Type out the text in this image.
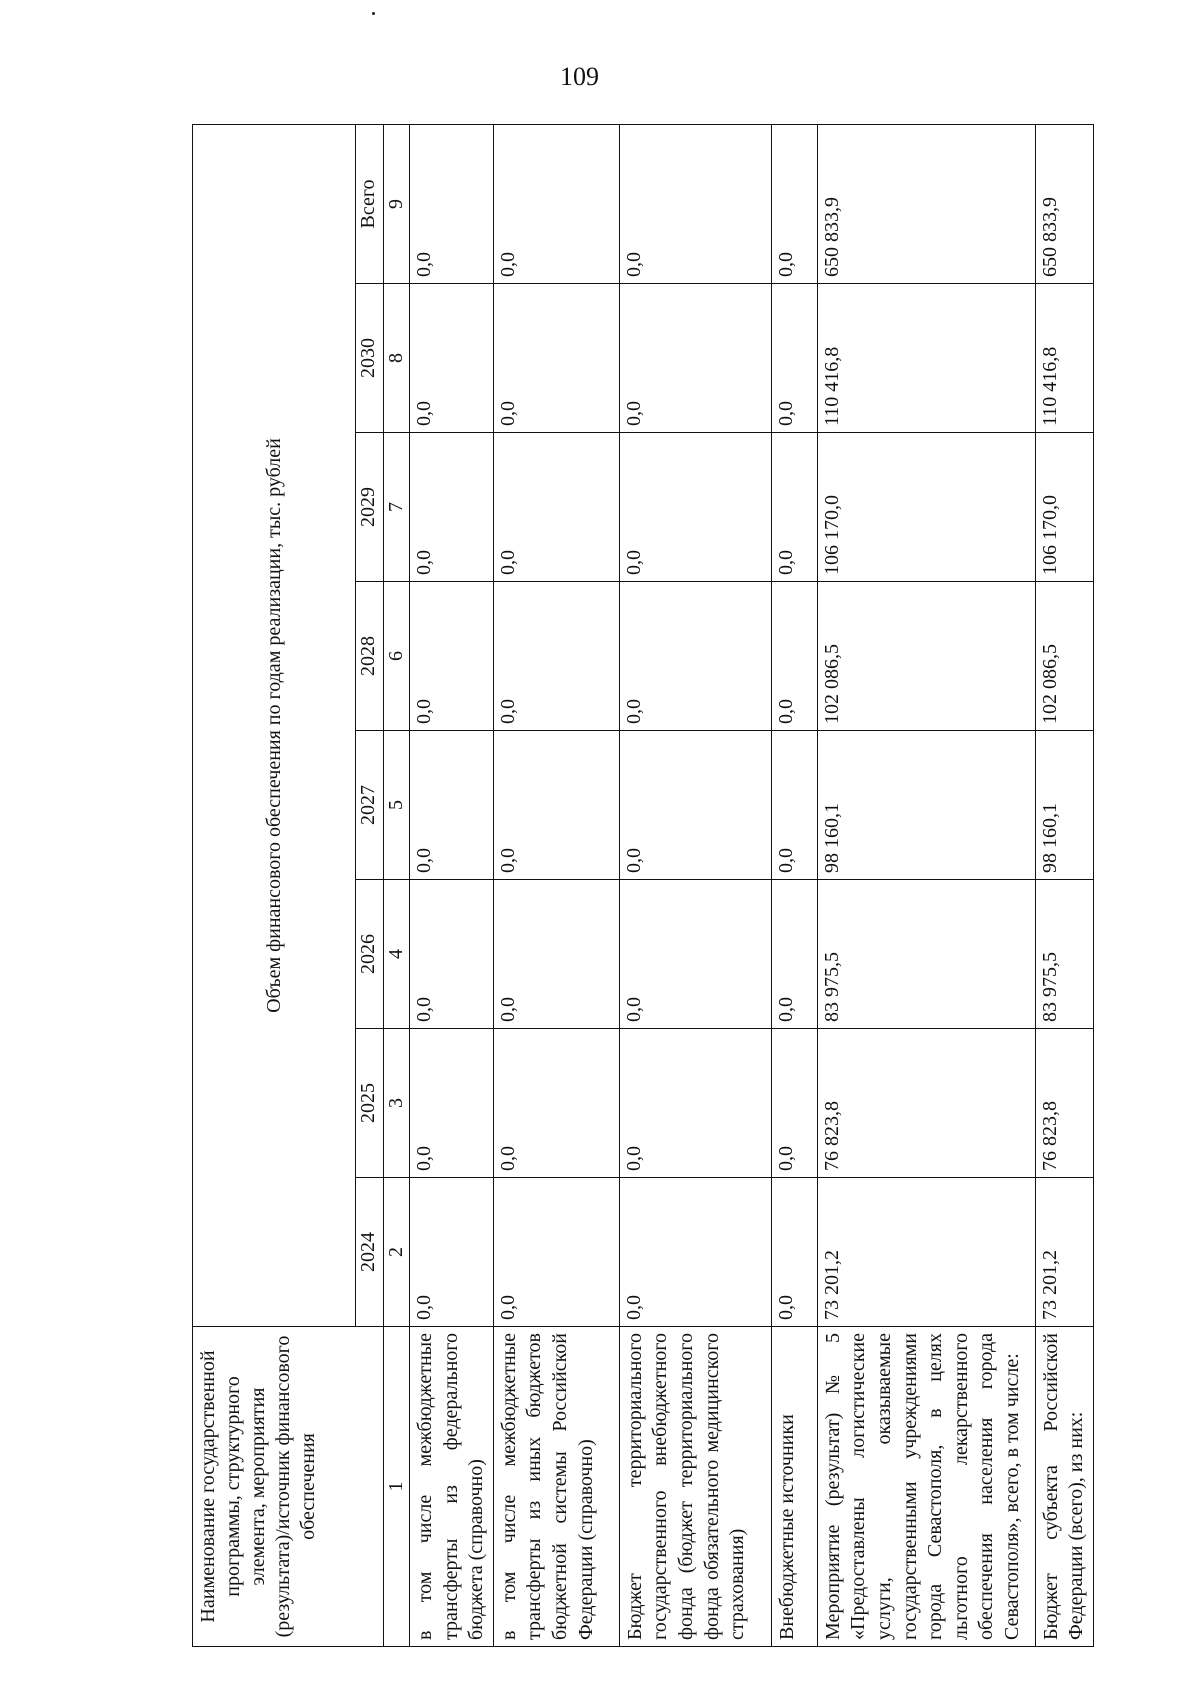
109
Наименование государственной программы, структурного элемента, мероприятия (результата)/источник финансового обеспечения	Объем финансового обеспечения по годам реализации, тыс. рублей							
	2024	2025	2026	2027	2028	2029	2030	Всего
1	2	3	4	5	6	7	8	9
в том числе межбюджетные трансферты из федерального бюджета (справочно)	0,0	0,0	0,0	0,0	0,0	0,0	0,0	0,0
в том числе межбюджетные трансферты из иных бюджетов бюджетной системы Российской Федерации (справочно)	0,0	0,0	0,0	0,0	0,0	0,0	0,0	0,0
Бюджет территориального государственного внебюджетного фонда (бюджет территориального фонда обязательного медицинского страхования)	0,0	0,0	0,0	0,0	0,0	0,0	0,0	0,0
Внебюджетные источники	0,0	0,0	0,0	0,0	0,0	0,0	0,0	0,0
Мероприятие (результат) № 5 «Предоставлены логистические услуги, оказываемые государственными учреждениями города Севастополя, в целях льготного лекарственного обеспечения населения города Севастополя», всего, в том числе:	73 201,2	76 823,8	83 975,5	98 160,1	102 086,5	106 170,0	110 416,8	650 833,9
Бюджет субъекта Российской Федерации (всего), из них:	73 201,2	76 823,8	83 975,5	98 160,1	102 086,5	106 170,0	110 416,8	650 833,9
